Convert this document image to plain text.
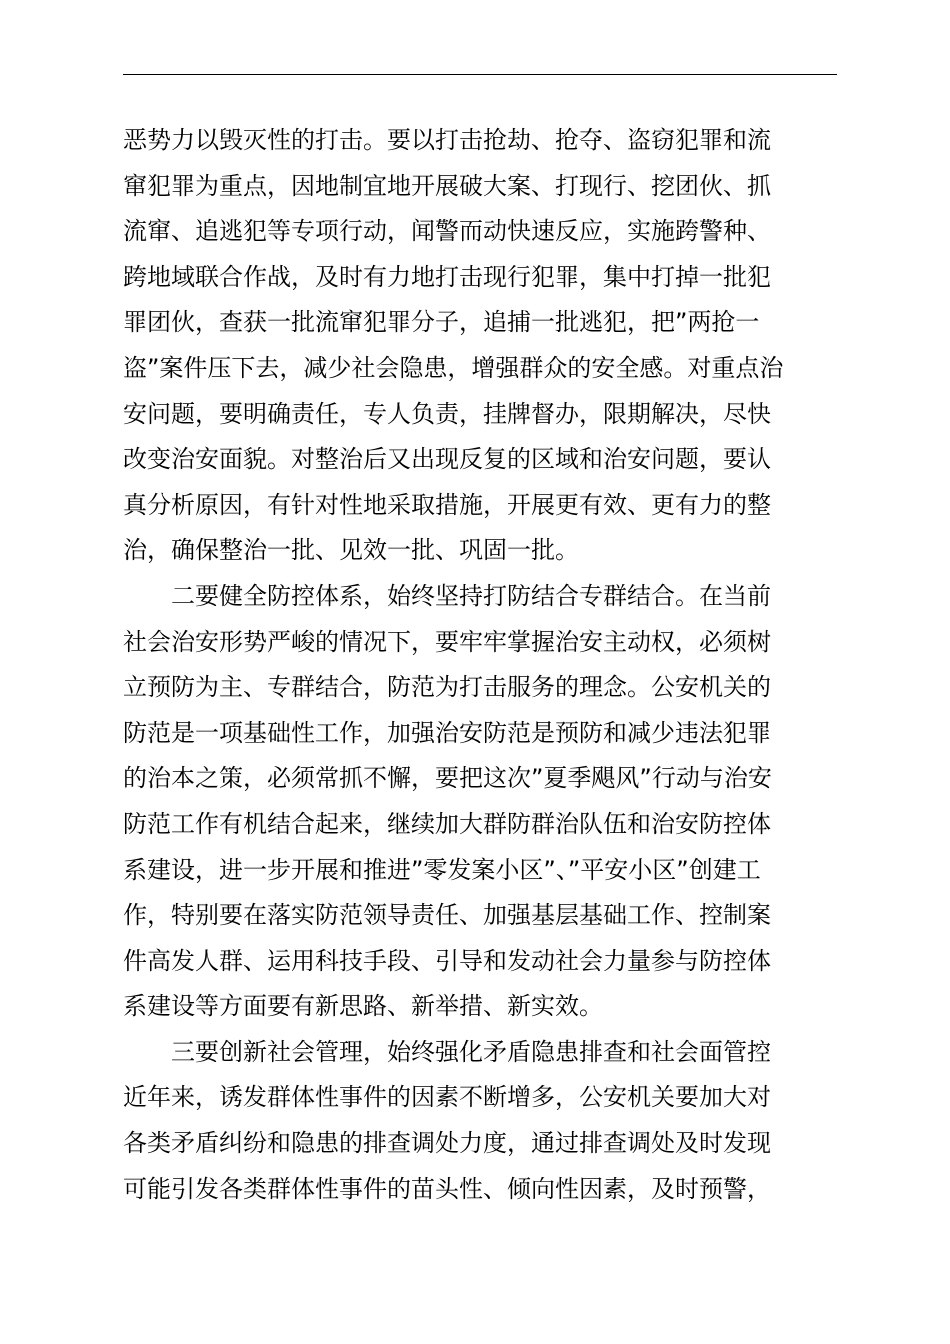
恶势力以毁灭性的打击。要以打击抢劫、抢夺、盗窃犯罪和流
窜犯罪为重点，因地制宜地开展破大案、打现行、挖团伙、抓
流窜、追逃犯等专项行动，闻警而动快速反应，实施跨警种、
跨地域联合作战，及时有力地打击现行犯罪，集中打掉一批犯
罪团伙，查获一批流窜犯罪分子，追捕一批逃犯，把”两抢一
盗”案件压下去，减少社会隐患，增强群众的安全感。对重点治
安问题，要明确责任，专人负责，挂牌督办，限期解决，尽快
改变治安面貌。对整治后又出现反复的区域和治安问题，要认
真分析原因，有针对性地采取措施，开展更有效、更有力的整
治，确保整治一批、见效一批、巩固一批。
　　二要健全防控体系，始终坚持打防结合专群结合。在当前
社会治安形势严峻的情况下，要牢牢掌握治安主动权，必须树
立预防为主、专群结合，防范为打击服务的理念。公安机关的
防范是一项基础性工作，加强治安防范是预防和减少违法犯罪
的治本之策，必须常抓不懈，要把这次”夏季飓风”行动与治安
防范工作有机结合起来，继续加大群防群治队伍和治安防控体
系建设，进一步开展和推进”零发案小区”、”平安小区”创建工
作，特别要在落实防范领导责任、加强基层基础工作、控制案
件高发人群、运用科技手段、引导和发动社会力量参与防控体
系建设等方面要有新思路、新举措、新实效。
　　三要创新社会管理，始终强化矛盾隐患排查和社会面管控
近年来，诱发群体性事件的因素不断增多，公安机关要加大对
各类矛盾纠纷和隐患的排查调处力度，通过排查调处及时发现
可能引发各类群体性事件的苗头性、倾向性因素，及时预警，
